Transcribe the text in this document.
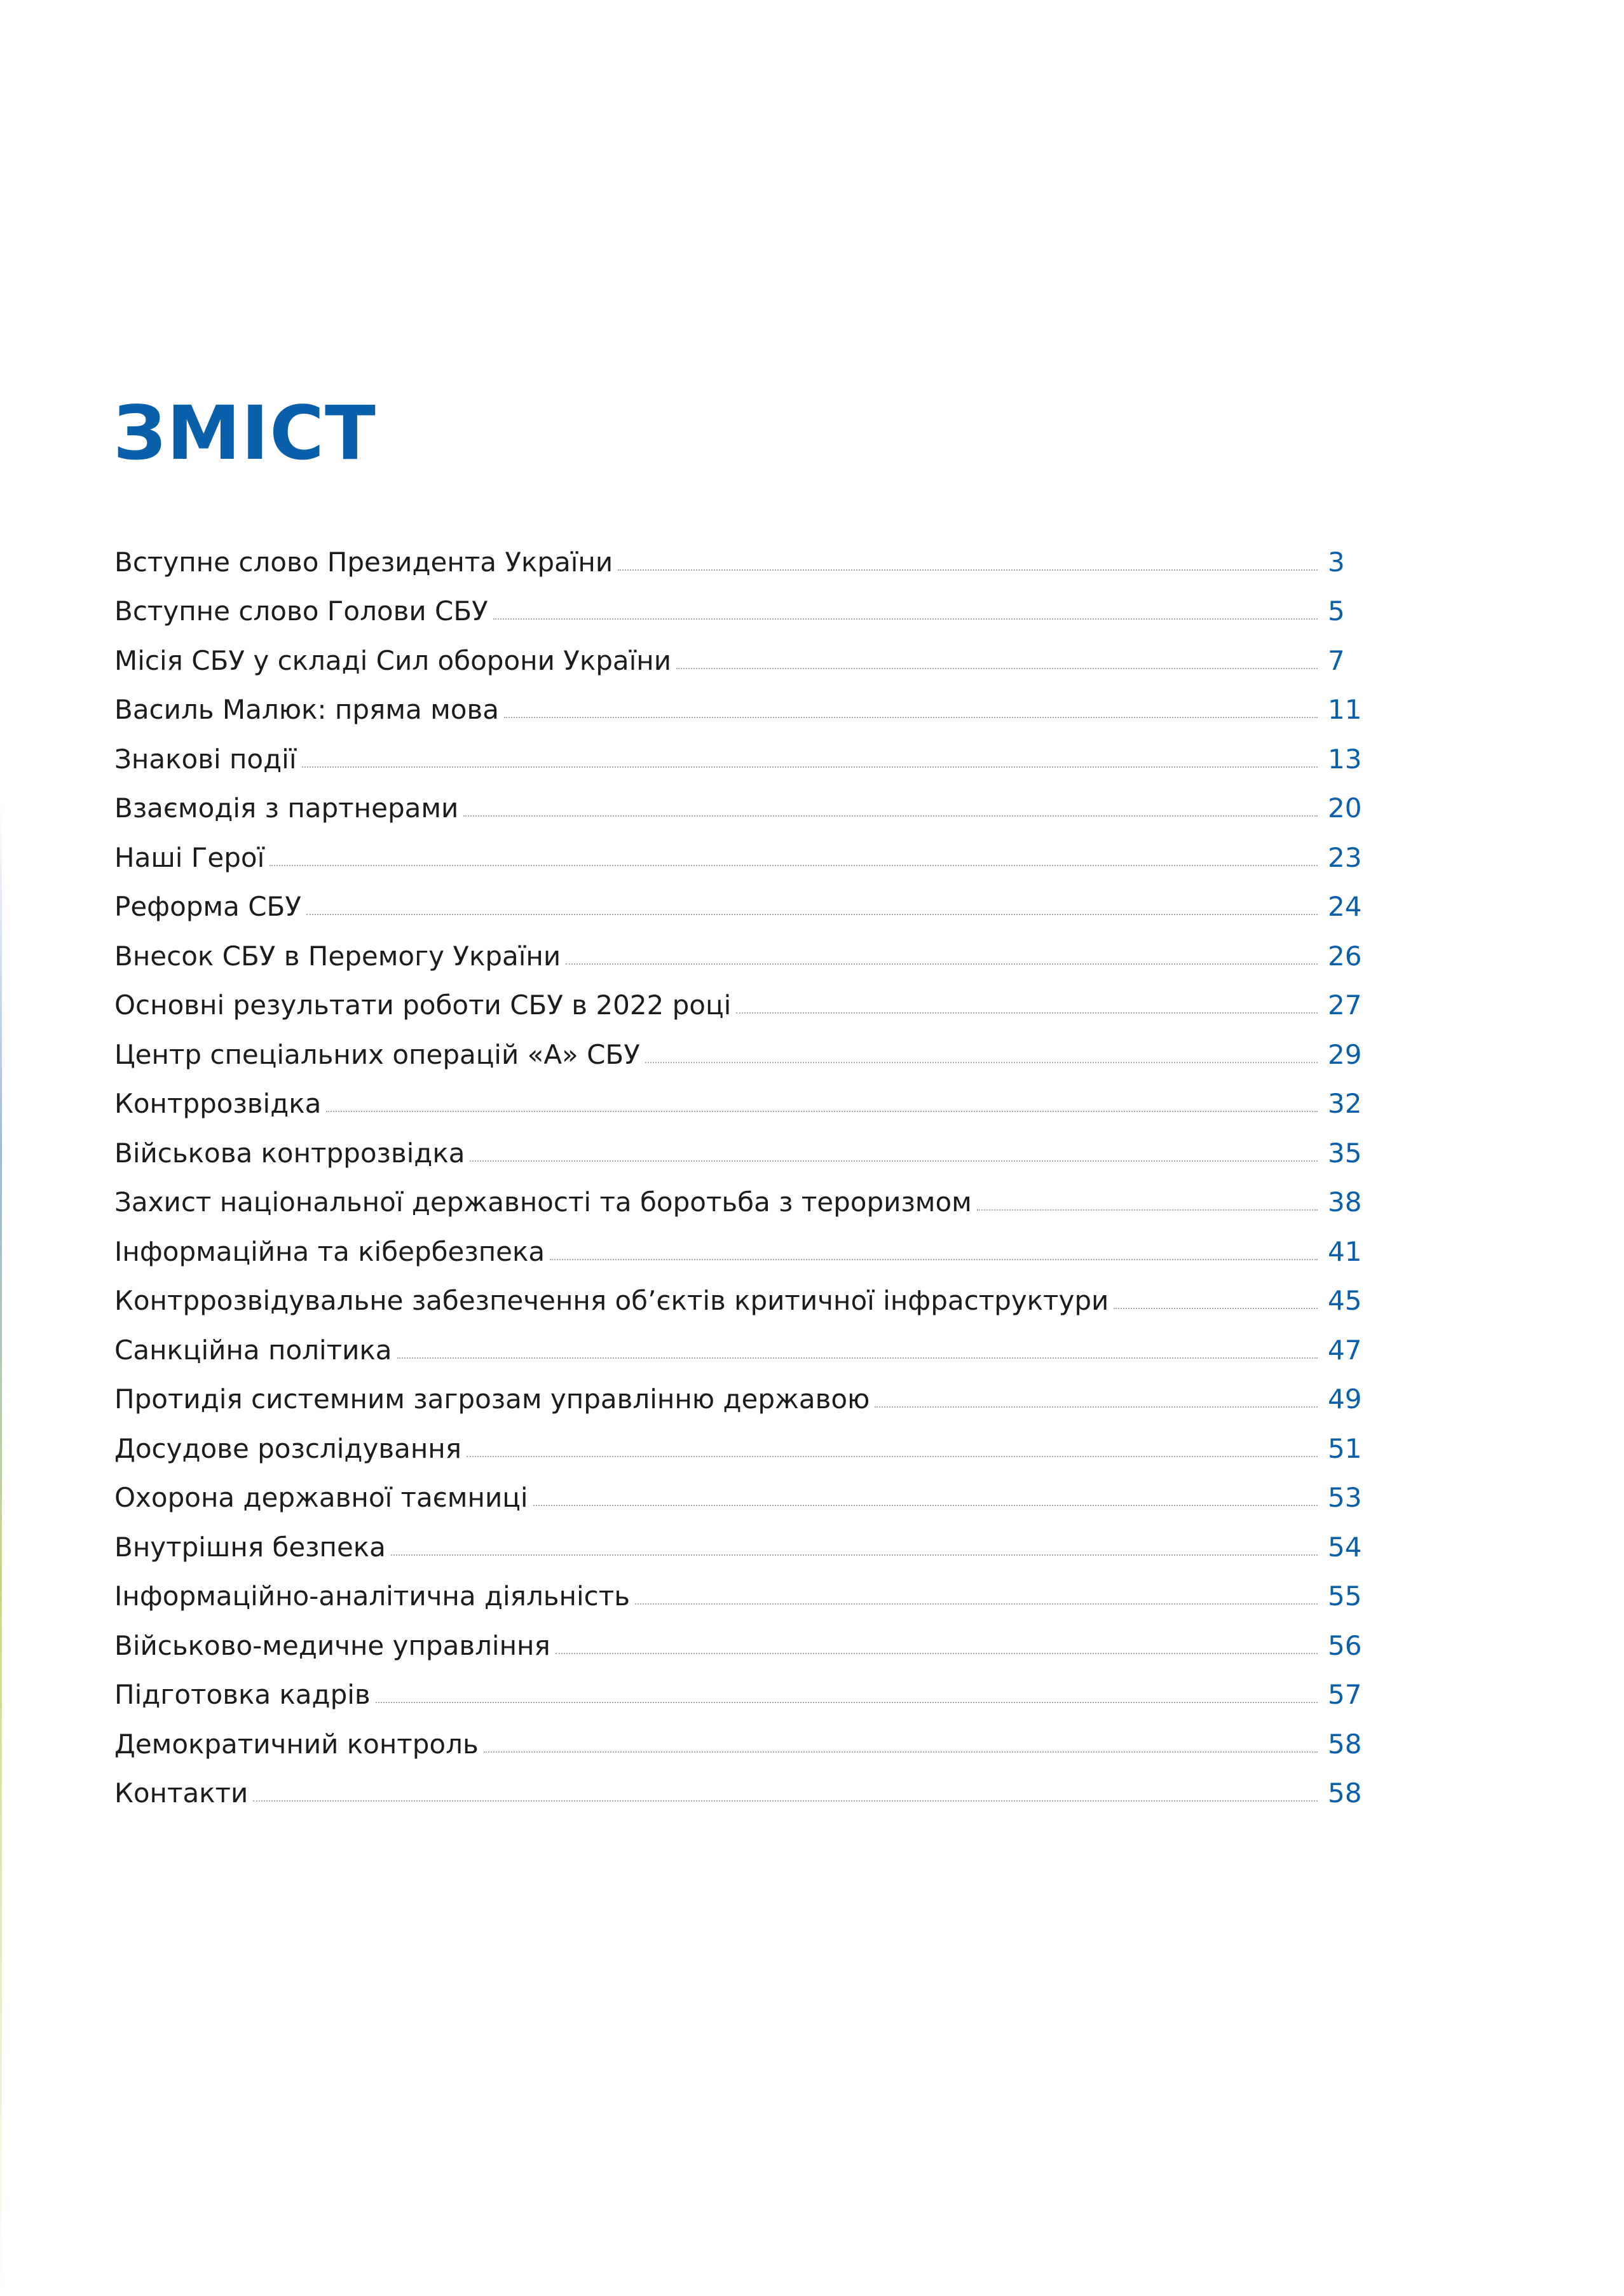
ЗМІСТ
Вступне слово Президента України	3
Вступне слово Голови СБУ	5
Місія СБУ у складі Сил оборони України	7
Василь Малюк: пряма мова	11
Знакові події	13
Взаємодія з партнерами	20
Наші Герої	23
Реформа СБУ	24
Внесок СБУ в Перемогу України	26
Основні результати роботи СБУ в 2022 році	27
Центр спеціальних операцій «А» СБУ	29
Контррозвідка	32
Військова контррозвідка	35
Захист національної державності та боротьба з тероризмом	38
Інформаційна та кібербезпека	41
Контррозвідувальне забезпечення об’єктів критичної інфраструктури	45
Санкційна політика	47
Протидія системним загрозам управлінню державою	49
Досудове розслідування	51
Охорона державної таємниці	53
Внутрішня безпека	54
Інформаційно-аналітична діяльність	55
Військово-медичне управління	56
Підготовка кадрів	57
Демократичний контроль	58
Контакти	58
